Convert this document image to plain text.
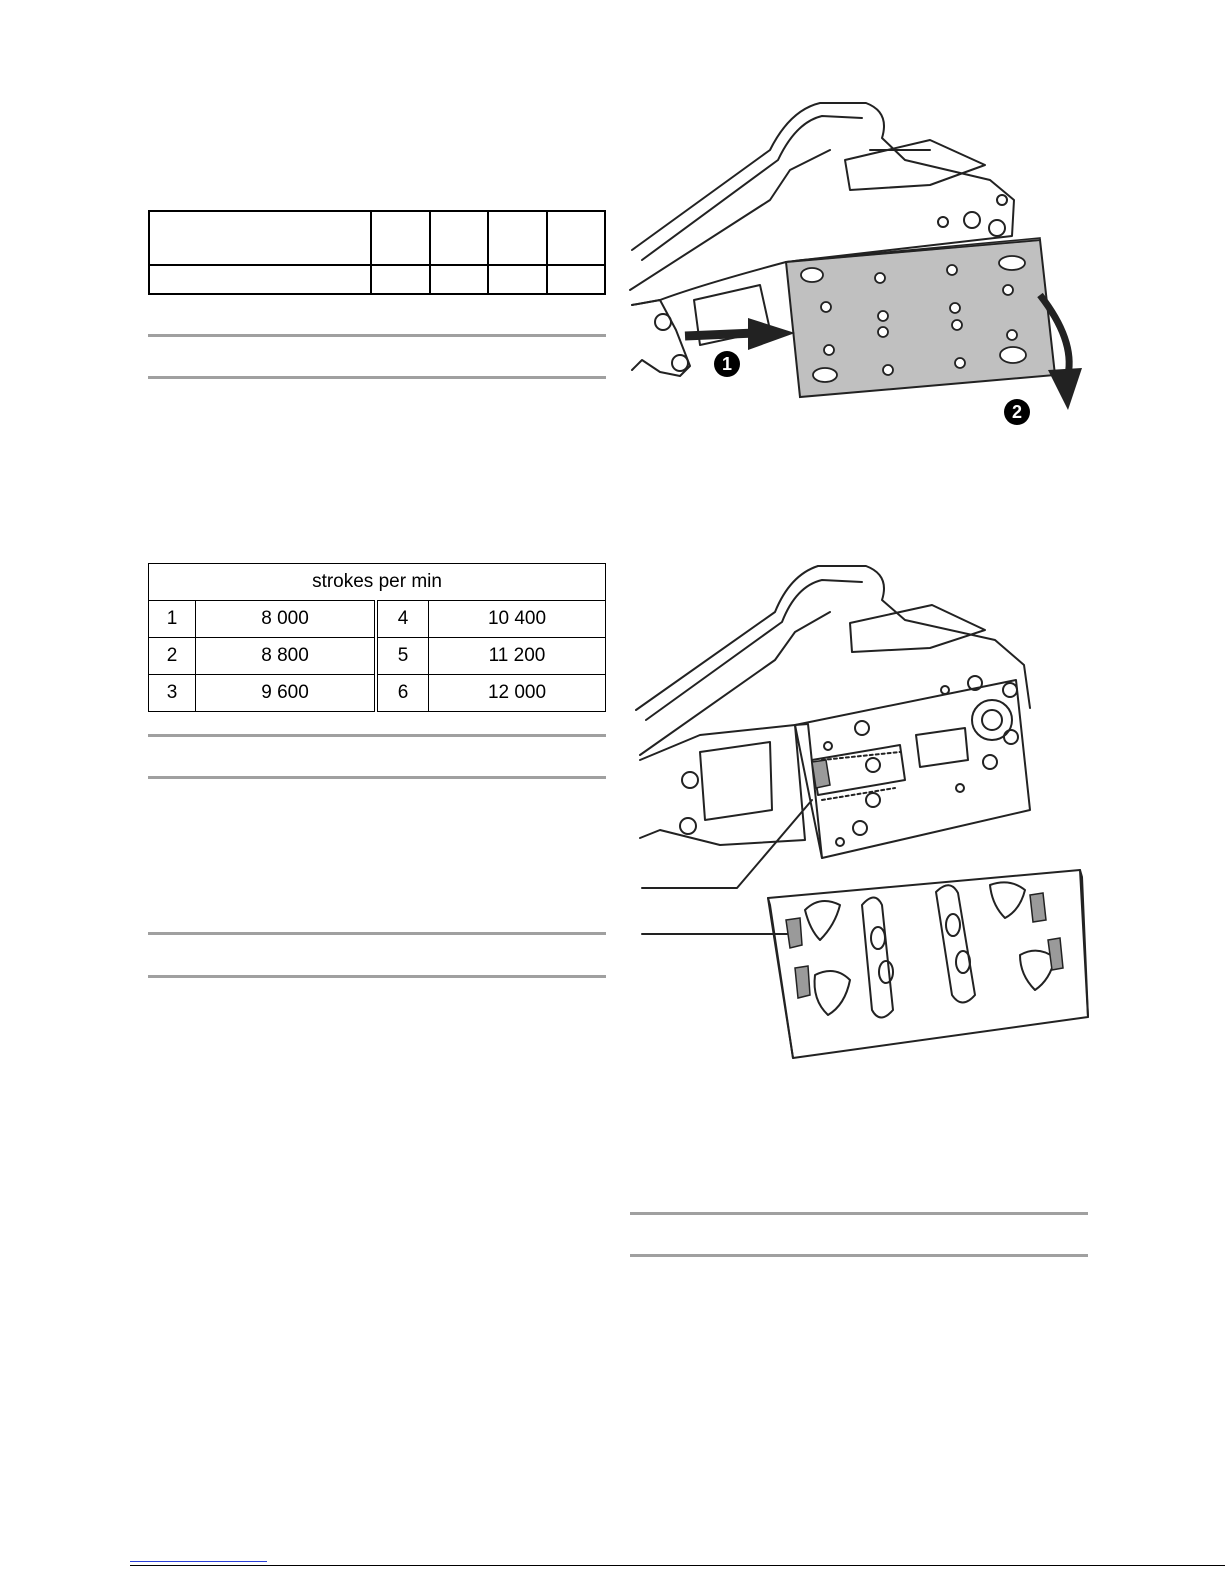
strokes per min			
1	8 000	4	10 400
2	8 800	5	11 200
3	9 600	6	12 000
1
2
